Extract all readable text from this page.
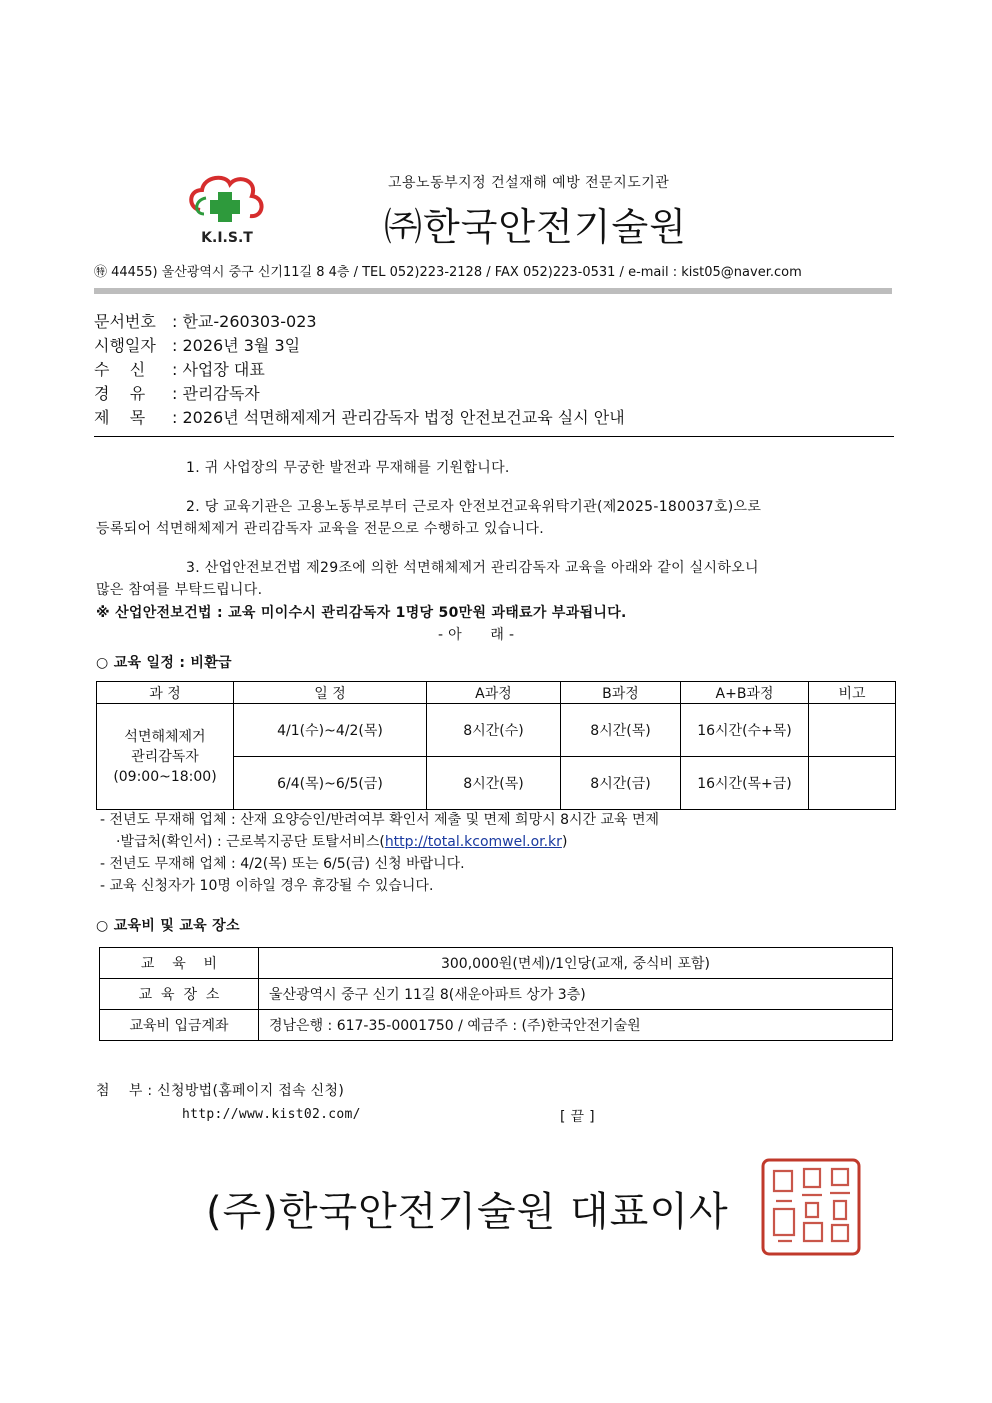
K.I.S.T
고용노동부지정 건설재해 예방 전문지도기관
㈜한국안전기술원
㊕ 44455) 울산광역시 중구 신기11길 8 4층 / TEL 052)223-2128 / FAX 052)223-0531 / e-mail : kist05@naver.com
문서번호 : 한교-260303-023
시행일자 : 2026년 3월 3일
수    신 : 사업장 대표
경    유 : 관리감독자
제    목 : 2026년 석면해제제거 관리감독자 법정 안전보건교육 실시 안내
1. 귀 사업장의 무궁한 발전과 무재해를 기원합니다.
2. 당 교육기관은 고용노동부로부터 근로자 안전보건교육위탁기관(제2025-180037호)으로
등록되어 석면해체제거 관리감독자 교육을 전문으로 수행하고 있습니다.
3. 산업안전보건법 제29조에 의한 석면해체제거 관리감독자 교육을 아래와 같이 실시하오니
많은 참여를 부탁드립니다.
※ 산업안전보건법 : 교육 미이수시 관리감독자 1명당 50만원 과태료가 부과됩니다.
- 아      래 -
○ 교육 일정 : 비환급
과 정	일 정	A과정	B과정	A+B과정	비고

석면해체제거
관리감독자
(09:00~18:00)	4/1(수)~4/2(목)	8시간(수)	8시간(목)	16시간(수+목)	
	6/4(목)~6/5(금)	8시간(목)	8시간(금)	16시간(목+금)	
- 전년도 무재해 업체 : 산재 요양승인/반려여부 확인서 제출 및 면제 희망시 8시간 교육 면제
·발급처(확인서) : 근로복지공단 토탈서비스(http://total.kcomwel.or.kr)
- 전년도 무재해 업체 : 4/2(목) 또는 6/5(금) 신청 바랍니다.
- 교육 신청자가 10명 이하일 경우 휴강될 수 있습니다.
○ 교육비 및 교육 장소
교    육    비	300,000원(면세)/1인당(교재, 중식비 포함)
교  육  장  소	울산광역시 중구 신기 11길 8(새운아파트 상가 3층)
교육비 입금계좌	경남은행 : 617-35-0001750 / 예금주 : (주)한국안전기술원
첨    부 : 신청방법(홈페이지 접속 신청)
http://www.kist02.com/	[ 끝 ]
(주)한국안전기술원 대표이사
